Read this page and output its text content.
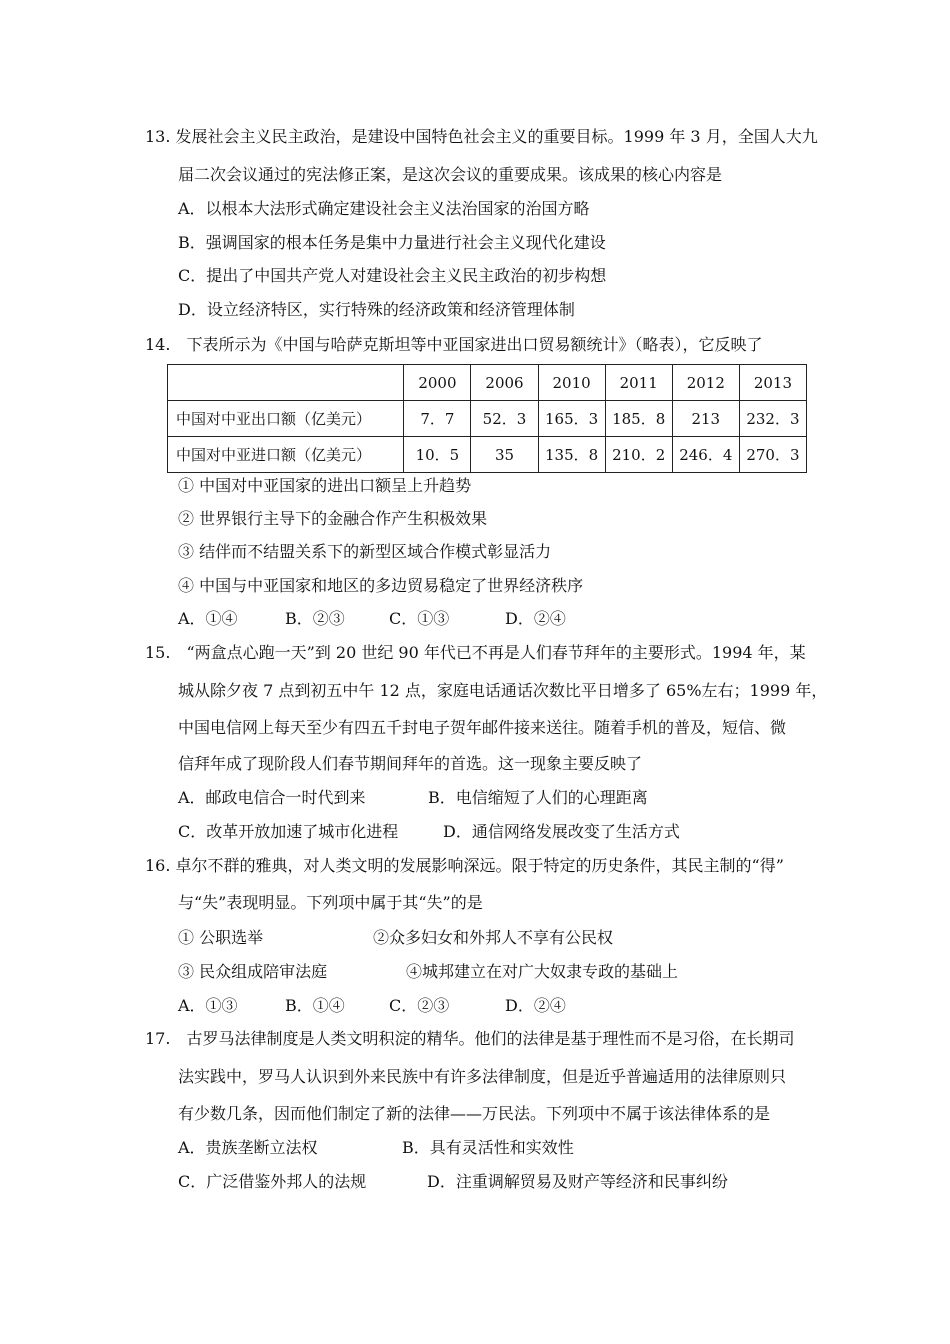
13. 发展社会主义民主政治，是建设中国特色社会主义的重要目标。1999 年 3 月，全国人大九
届二次会议通过的宪法修正案，是这次会议的重要成果。该成果的核心内容是
A．以根本大法形式确定建设社会主义法治国家的治国方略
B．强调国家的根本任务是集中力量进行社会主义现代化建设
C．提出了中国共产党人对建设社会主义民主政治的初步构想
D．设立经济特区，实行特殊的经济政策和经济管理体制
14.　下表所示为《中国与哈萨克斯坦等中亚国家进出口贸易额统计》（略表），它反映了
	2000	2006	2010	2011	2012	2013
中国对中亚出口额（亿美元）	7．7	52．3	165．3	185．8	213	232．3
中国对中亚进口额（亿美元）	10．5	35	135．8	210．2	246．4	270．3
① 中国对中亚国家的进出口额呈上升趋势
② 世界银行主导下的金融合作产生积极效果
③ 结伴而不结盟关系下的新型区域合作模式彰显活力
④ 中国与中亚国家和地区的多边贸易稳定了世界经济秩序
A．①④	B．②③	C．①③	D．②④
15.　“两盒点心跑一天”到 20 世纪 90 年代已不再是人们春节拜年的主要形式。1994 年，某
城从除夕夜 7 点到初五中午 12 点，家庭电话通话次数比平日增多了 65%左右；1999 年，
中国电信网上每天至少有四五千封电子贺年邮件接来送往。随着手机的普及，短信、微
信拜年成了现阶段人们春节期间拜年的首选。这一现象主要反映了
A．邮政电信合一时代到来	B．电信缩短了人们的心理距离
C．改革开放加速了城市化进程	D．通信网络发展改变了生活方式
16. 卓尔不群的雅典，对人类文明的发展影响深远。限于特定的历史条件，其民主制的“得”
与“失”表现明显。下列项中属于其“失”的是
① 公职选举	②众多妇女和外邦人不享有公民权
③ 民众组成陪审法庭	④城邦建立在对广大奴隶专政的基础上
A．①③	B．①④	C．②③	D．②④
17.　古罗马法律制度是人类文明积淀的精华。他们的法律是基于理性而不是习俗，在长期司
法实践中，罗马人认识到外来民族中有许多法律制度，但是近乎普遍适用的法律原则只
有少数几条，因而他们制定了新的法律——万民法。下列项中不属于该法律体系的是
A．贵族垄断立法权	B．具有灵活性和实效性
C．广泛借鉴外邦人的法规	D．注重调解贸易及财产等经济和民事纠纷
